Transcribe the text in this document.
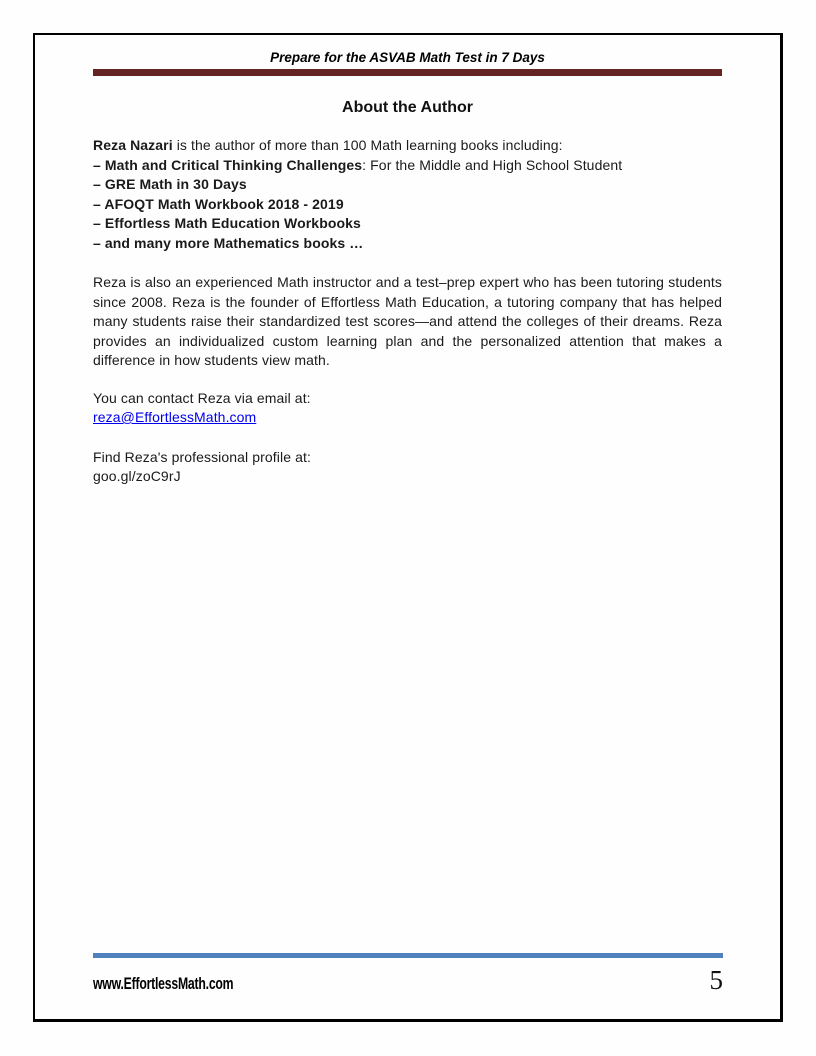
Prepare for the ASVAB Math Test in 7 Days
About the Author

Reza Nazari is the author of more than 100 Math learning books including:

– Math and Critical Thinking Challenges: For the Middle and High School Student

– GRE Math in 30 Days

– AFOQT Math Workbook 2018 - 2019

– Effortless Math Education Workbooks

– and many more Mathematics books …

Reza is also an experienced Math instructor and a test–prep expert who has been tutoring students since 2008. Reza is the founder of Effortless Math Education, a tutoring company that has helped many students raise their standardized test scores—and attend the colleges of their dreams. Reza provides an individualized custom learning plan and the personalized attention that makes a difference in how students view math.

You can contact Reza via email at:

reza@EffortlessMath.com

Find Reza's professional profile at:

goo.gl/zoC9rJ

www.EffortlessMath.com	5
